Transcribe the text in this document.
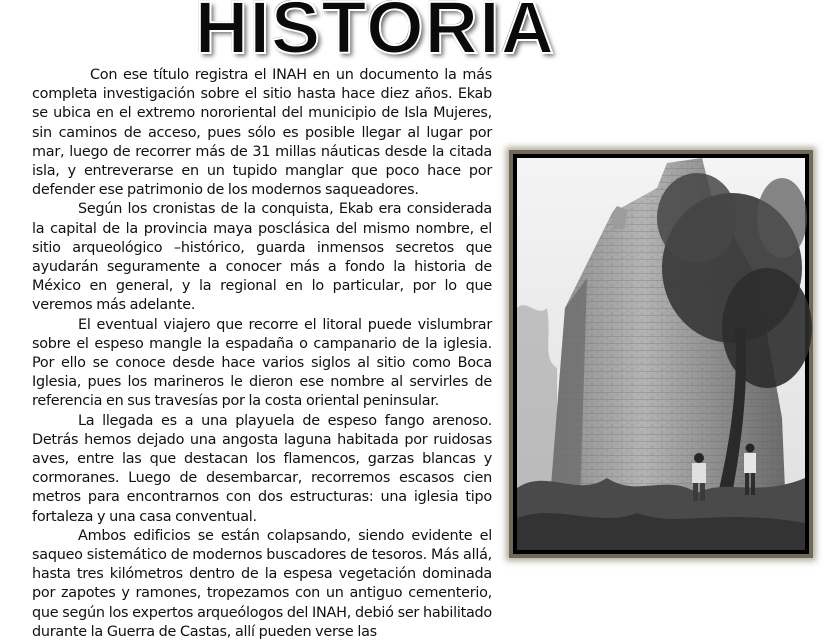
HISTORIA

Con ese título registra el INAH en un documento la más completa investigación sobre el sitio hasta hace diez años. Ekab se ubica en el extremo nororiental del municipio de Isla Mujeres, sin caminos de acceso, pues sólo es posible llegar al lugar por mar, luego de recorrer más de 31 millas náuticas desde la citada isla, y entreverarse en un tupido manglar que poco hace por defender ese patrimonio de los modernos saqueadores.

Según los cronistas de la conquista, Ekab era considerada la capital de la provincia maya posclásica del mismo nombre, el sitio arqueológico –histórico, guarda inmensos secretos que ayudarán seguramente a conocer más a fondo la historia de México en general, y la regional en lo particular, por lo que veremos más adelante.

El eventual viajero que recorre el litoral puede vislumbrar sobre el espeso mangle la espadaña o campanario de la iglesia. Por ello se conoce desde hace varios siglos al sitio como Boca Iglesia, pues los marineros le dieron ese nombre al servirles de referencia en sus travesías por la costa oriental peninsular.

La llegada es a una playuela de espeso fango arenoso. Detrás hemos dejado una angosta laguna habitada por ruidosas aves, entre las que destacan los flamencos, garzas blancas y cormoranes. Luego de desembarcar, recorremos escasos cien metros para encontrarnos con dos estructuras: una iglesia tipo fortaleza y una casa conventual.

Ambos edificios se están colapsando, siendo evidente el saqueo sistemático de modernos buscadores de tesoros. Más allá, hasta tres kilómetros dentro de la espesa vegetación dominada por zapotes y ramones, tropezamos con un antiguo cementerio, que según los expertos arqueólogos del INAH, debió ser habilitado durante la Guerra de Castas, allí pueden verse las
